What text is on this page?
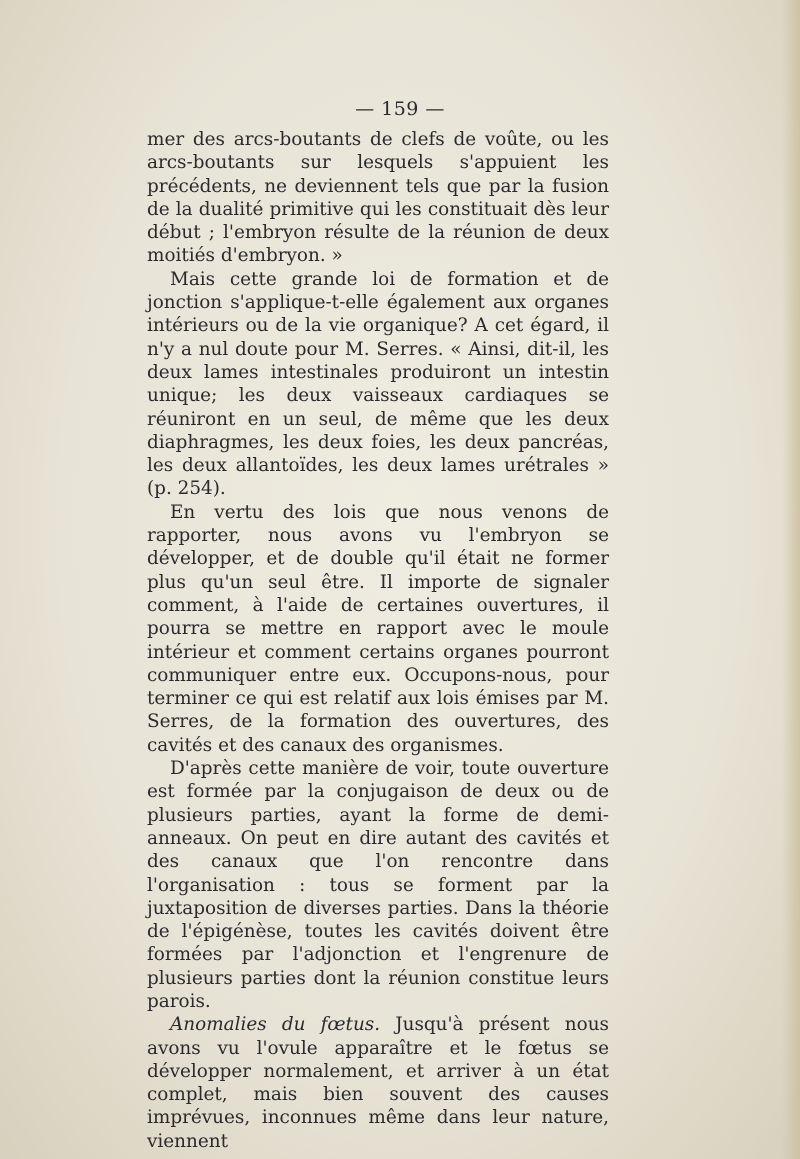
— 159 —

mer des arcs-boutants de clefs de voûte, ou les arcs-boutants sur lesquels s'appuient les précédents, ne deviennent tels que par la fusion de la dualité primitive qui les constituait dès leur début ; l'embryon résulte de la réunion de deux moitiés d'embryon. »

Mais cette grande loi de formation et de jonction s'applique-t-elle également aux organes intérieurs ou de la vie organique? A cet égard, il n'y a nul doute pour M. Serres. « Ainsi, dit-il, les deux lames intestinales produiront un intestin unique; les deux vaisseaux cardiaques se réuniront en un seul, de même que les deux diaphragmes, les deux foies, les deux pancréas, les deux allantoïdes, les deux lames urétrales » (p. 254).

En vertu des lois que nous venons de rapporter, nous avons vu l'embryon se développer, et de double qu'il était ne former plus qu'un seul être. Il importe de signaler comment, à l'aide de certaines ouvertures, il pourra se mettre en rapport avec le moule intérieur et comment certains organes pourront communiquer entre eux. Occupons-nous, pour terminer ce qui est relatif aux lois émises par M. Serres, de la formation des ouvertures, des cavités et des canaux des organismes.

D'après cette manière de voir, toute ouverture est formée par la conjugaison de deux ou de plusieurs parties, ayant la forme de demi-anneaux. On peut en dire autant des cavités et des canaux que l'on rencontre dans l'organisation : tous se forment par la juxtaposition de diverses parties. Dans la théorie de l'épigénèse, toutes les cavités doivent être formées par l'adjonction et l'engrenure de plusieurs parties dont la réunion constitue leurs parois.

Anomalies du fœtus. Jusqu'à présent nous avons vu l'ovule apparaître et le fœtus se développer normalement, et arriver à un état complet, mais bien souvent des causes imprévues, inconnues même dans leur nature, viennent
